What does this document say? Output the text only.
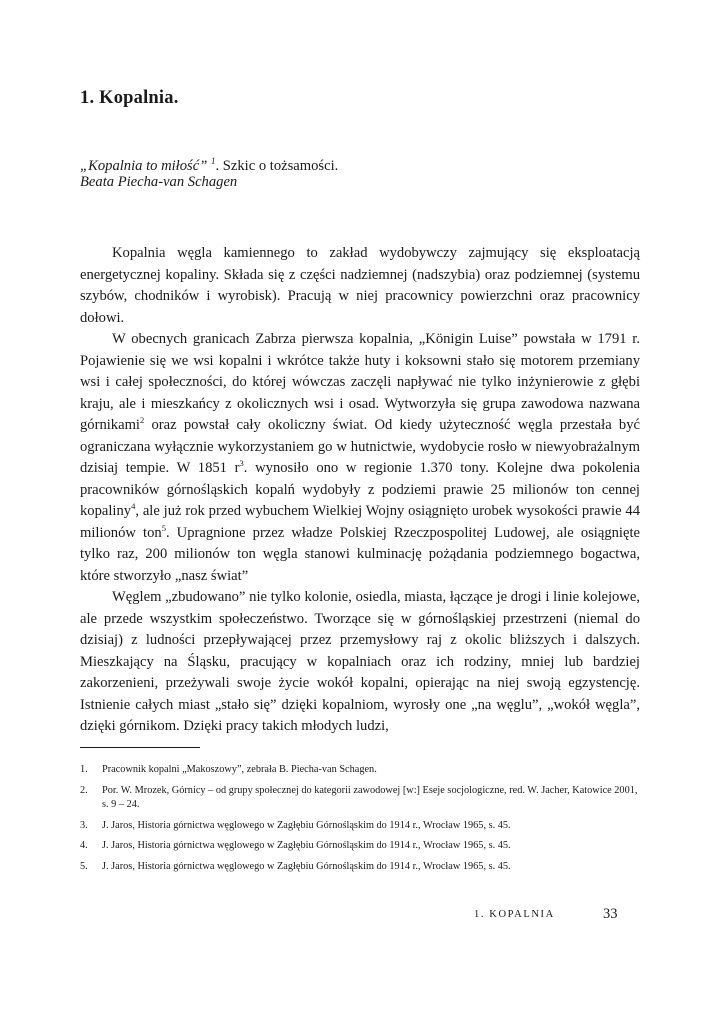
1. Kopalnia.

„Kopalnia to miłość” $^1$. Szkic o tożsamości.

Beata Piecha-van Schagen

Kopalnia węgla kamiennego to zakład wydobywczy zajmujący się eksploatacją energetycznej kopaliny. Składa się z części nadziemnej (nadszybia) oraz podziemnej (systemu szybów, chodników i wyrobisk). Pracują w niej pracownicy powierzchni oraz pracownicy dołowi.

W obecnych granicach Zabrza pierwsza kopalnia, „Königin Luise” powstała w 1791 r. Pojawienie się we wsi kopalni i wkrótce także huty i koksowni stało się motorem przemiany wsi i całej społeczności, do której wówczas zaczęli napływać nie tylko inżynierowie z głębi kraju, ale i mieszkańcy z okolicznych wsi i osad. Wytworzyła się grupa zawodowa nazwana górnikami$^2$ oraz powstał cały okoliczny świat. Od kiedy użyteczność węgla przestała być ograniczana wyłącznie wykorzystaniem go w hutnictwie, wydobycie rosło w niewyobrażalnym dzisiaj tempie. W 1851 $r^3$. wynosiło ono w regionie 1.370 tony. Kolejne dwa pokolenia pracowników górnośląskich kopalń wydobyły z podziemi prawie 25 milionów ton cennej kopaliny$^4$, ale już rok przed wybuchem Wielkiej Wojny osiągnięto urobek wysokości prawie 44 milionów ton$^5$. Upragnione przez władze Polskiej Rzeczpospolitej Ludowej, ale osiągnięte tylko raz, 200 milionów ton węgla stanowi kulminację pożądania podziemnego bogactwa, które stworzyło „nasz świat”

Węglem „zbudowano” nie tylko kolonie, osiedla, miasta, łączące je drogi i linie kolejowe, ale przede wszystkim społeczeństwo. Tworzące się w górnośląskiej przestrzeni (niemal do dzisiaj) z ludności przepływającej przez przemysłowy raj z okolic bliższych i dalszych. Mieszkający na Śląsku, pracujący w kopalniach oraz ich rodziny, mniej lub bardziej zakorzenieni, przeżywali swoje życie wokół kopalni, opierając na niej swoją egzystencję. Istnienie całych miast „stało się” dzięki kopalniom, wyrosły one „na węglu”, „wokół węgla”, dzięki górnikom. Dzięki pracy takich młodych ludzi,

1.	Pracownik kopalni „Makoszowy”, zebrała B. Piecha-van Schagen.
2.	Por. W. Mrozek, Górnicy – od grupy społecznej do kategorii zawodowej [w:] Eseje socjologiczne, red. W. Jacher, Katowice 2001, s. 9 – 24.
3.	J. Jaros, Historia górnictwa węglowego w Zagłębiu Górnośląskim do 1914 r., Wrocław 1965, s. 45.
4.	J. Jaros, Historia górnictwa węglowego w Zagłębiu Górnośląskim do 1914 r., Wrocław 1965, s. 45.
5.	J. Jaros, Historia górnictwa węglowego w Zagłębiu Górnośląskim do 1914 r., Wrocław 1965, s. 45.
1. KOPALNIA	33
